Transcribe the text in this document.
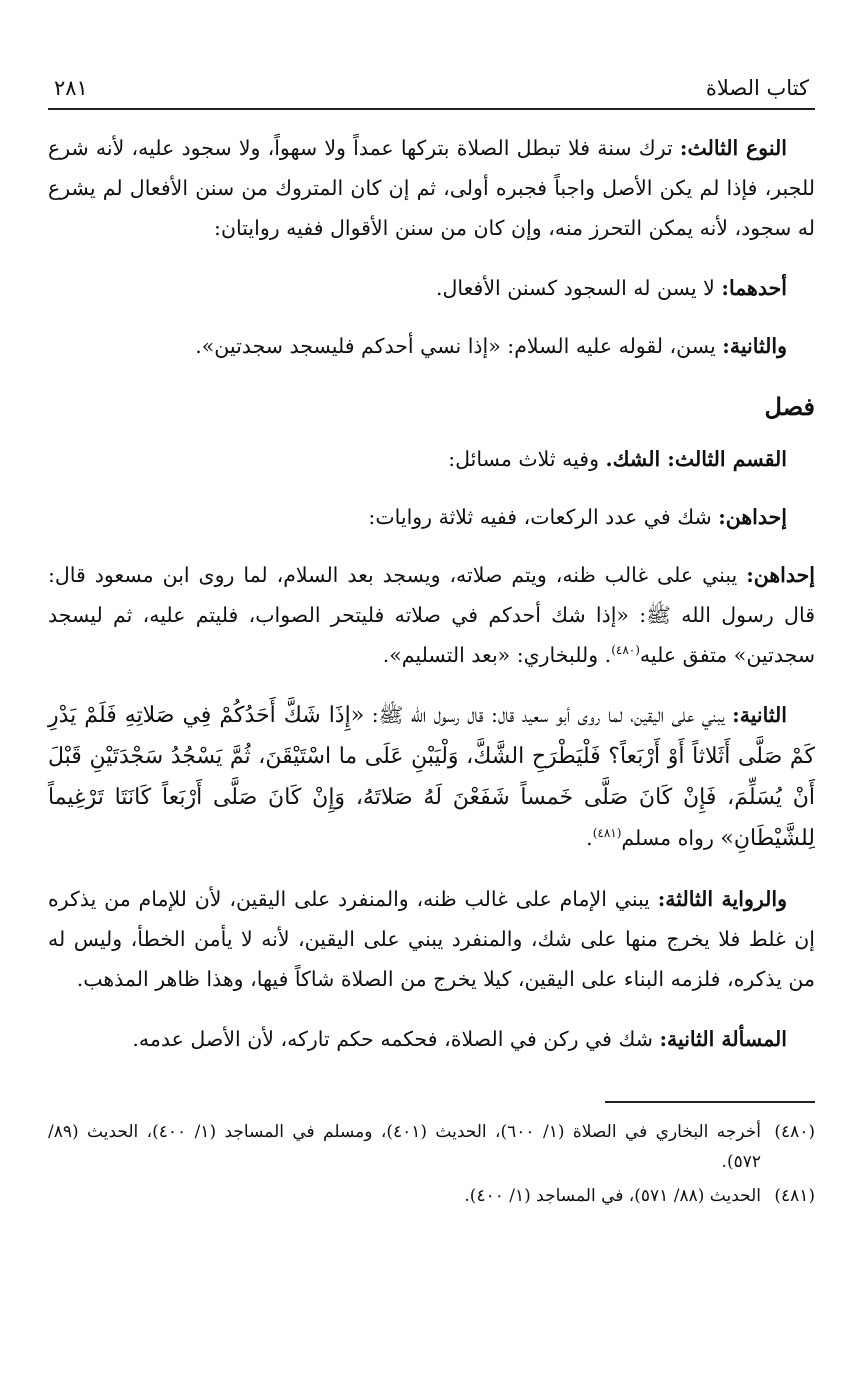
كتاب الصلاة
٢٨١

النوع الثالث: ترك سنة فلا تبطل الصلاة بتركها عمداً ولا سهواً، ولا سجود عليه، لأنه شرع للجبر، فإذا لم يكن الأصل واجباً فجبره أولى، ثم إن كان المتروك من سنن الأفعال لم يشرع له سجود، لأنه يمكن التحرز منه، وإن كان من سنن الأقوال ففيه روايتان:

أحدهما: لا يسن له السجود كسنن الأفعال.

والثانية: يسن، لقوله عليه السلام: «إذا نسي أحدكم فليسجد سجدتين».

فصل

القسم الثالث: الشك. وفيه ثلاث مسائل:

إحداهن: شك في عدد الركعات، ففيه ثلاثة روايات:

إحداهن: يبني على غالب ظنه، ويتم صلاته، ويسجد بعد السلام، لما روى ابن مسعود قال: قال رسول الله ﷺ: «إذا شك أحدكم في صلاته فليتحر الصواب، فليتم عليه، ثم ليسجد سجدتين» متفق عليه$^{(٤٨٠)}$. وللبخاري: «بعد التسليم».

الثانية: يبني على اليقين، لما روى أبو سعيد قال: قال رسول الله ﷺ: «إِذَا شَكَّ أَحَدُكُمْ فِي صَلاتِهِ فَلَمْ يَدْرِ كَمْ صَلَّى أَثَلاثاً أَوْ أَرْبَعاً؟ فَلْيَطْرَحِ الشَّكَّ، وَلْيَبْنِ عَلَى ما اسْتَيْقَنَ، ثُمَّ يَسْجُدُ سَجْدَتَيْنِ قَبْلَ أَنْ يُسَلِّمَ، فَإِنْ كَانَ صَلَّى خَمساً شَفَعْنَ لَهُ صَلاتَهُ، وَإِنْ كَانَ صَلَّى أَرْبَعاً كَانَتَا تَرْغِيماً لِلشَّيْطَانِ» رواه مسلم$^{(٤٨١)}$.

والرواية الثالثة: يبني الإمام على غالب ظنه، والمنفرد على اليقين، لأن للإمام من يذكره إن غلط فلا يخرج منها على شك، والمنفرد يبني على اليقين، لأنه لا يأمن الخطأ، وليس له من يذكره، فلزمه البناء على اليقين، كيلا يخرج من الصلاة شاكاً فيها، وهذا ظاهر المذهب.

المسألة الثانية: شك في ركن في الصلاة، فحكمه حكم تاركه، لأن الأصل عدمه.

(٤٨٠)
أخرجه البخاري في الصلاة (١/ ٦٠٠)، الحديث (٤٠١)، ومسلم في المساجد (١/ ٤٠٠)، الحديث (٨٩/ ٥٧٢).
(٤٨١)
الحديث (٨٨/ ٥٧١)، في المساجد (١/ ٤٠٠).
